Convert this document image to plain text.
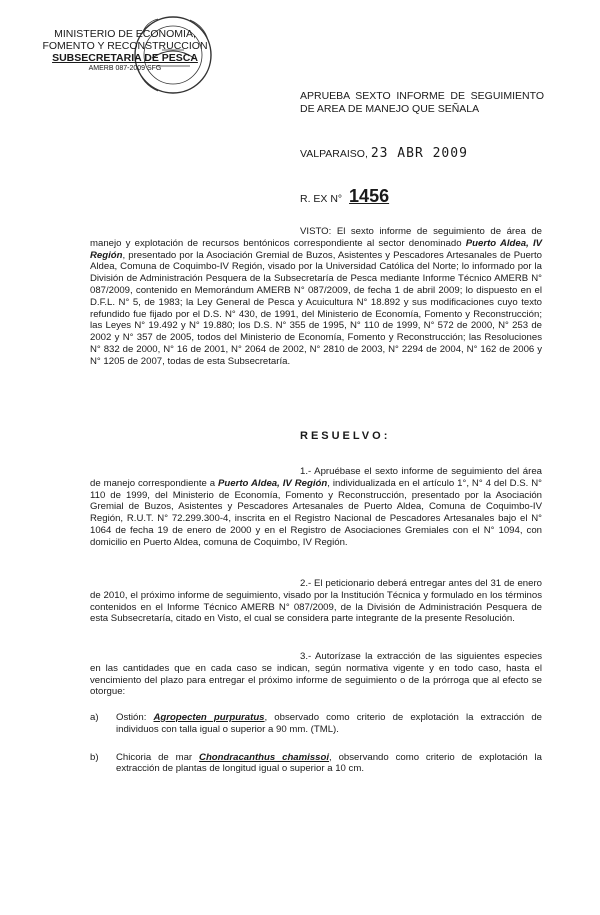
MINISTERIO DE ECONOMIA,
FOMENTO Y RECONSTRUCCION
SUBSECRETARIA DE PESCA
AMERB 087-2009 SFG
APRUEBA SEXTO INFORME DE SEGUIMIENTO DE AREA DE MANEJO QUE SEÑALA
VALPARAISO, 23 ABR 2009
R. EX N° 1456
VISTO: El sexto informe de seguimiento de área de manejo y explotación de recursos bentónicos correspondiente al sector denominado Puerto Aldea, IV Región, presentado por la Asociación Gremial de Buzos, Asistentes y Pescadores Artesanales de Puerto Aldea, Comuna de Coquimbo-IV Región, visado por la Universidad Católica del Norte; lo informado por la División de Administración Pesquera de la Subsecretaría de Pesca mediante Informe Técnico AMERB N° 087/2009, contenido en Memorándum AMERB N° 087/2009, de fecha 1 de abril 2009; lo dispuesto en el D.F.L. N° 5, de 1983; la Ley General de Pesca y Acuicultura N° 18.892 y sus modificaciones cuyo texto refundido fue fijado por el D.S. N° 430, de 1991, del Ministerio de Economía, Fomento y Reconstrucción; las Leyes N° 19.492 y N° 19.880; los D.S. N° 355 de 1995, N° 110 de 1999, N° 572 de 2000, N° 253 de 2002 y N° 357 de 2005, todos del Ministerio de Economía, Fomento y Reconstrucción; las Resoluciones N° 832 de 2000, N° 16 de 2001, N° 2064 de 2002, N° 2810 de 2003, N° 2294 de 2004, N° 162 de 2006 y N° 1205 de 2007, todas de esta Subsecretaría.
RESUELVO:
1.- Apruébase el sexto informe de seguimiento del área de manejo correspondiente a Puerto Aldea, IV Región, individualizada en el artículo 1°, N° 4 del D.S. N° 110 de 1999, del Ministerio de Economía, Fomento y Reconstrucción, presentado por la Asociación Gremial de Buzos, Asistentes y Pescadores Artesanales de Puerto Aldea, Comuna de Coquimbo-IV Región, R.U.T. N° 72.299.300-4, inscrita en el Registro Nacional de Pescadores Artesanales bajo el N° 1064 de fecha 19 de enero de 2000 y en el Registro de Asociaciones Gremiales con el N° 1094, con domicilio en Puerto Aldea, comuna de Coquimbo, IV Región.
2.- El peticionario deberá entregar antes del 31 de enero de 2010, el próximo informe de seguimiento, visado por la Institución Técnica y formulado en los términos contenidos en el Informe Técnico AMERB N° 087/2009, de la División de Administración Pesquera de esta Subsecretaría, citado en Visto, el cual se considera parte integrante de la presente Resolución.
3.- Autorízase la extracción de las siguientes especies en las cantidades que en cada caso se indican, según normativa vigente y en todo caso, hasta el vencimiento del plazo para entregar el próximo informe de seguimiento o de la prórroga que al efecto se otorgue:
a) Ostión: Agropecten purpuratus, observado como criterio de explotación la extracción de individuos con talla igual o superior a 90 mm. (TML).
b) Chicoria de mar Chondracanthus chamissoi, observando como criterio de explotación la extracción de plantas de longitud igual o superior a 10 cm.
